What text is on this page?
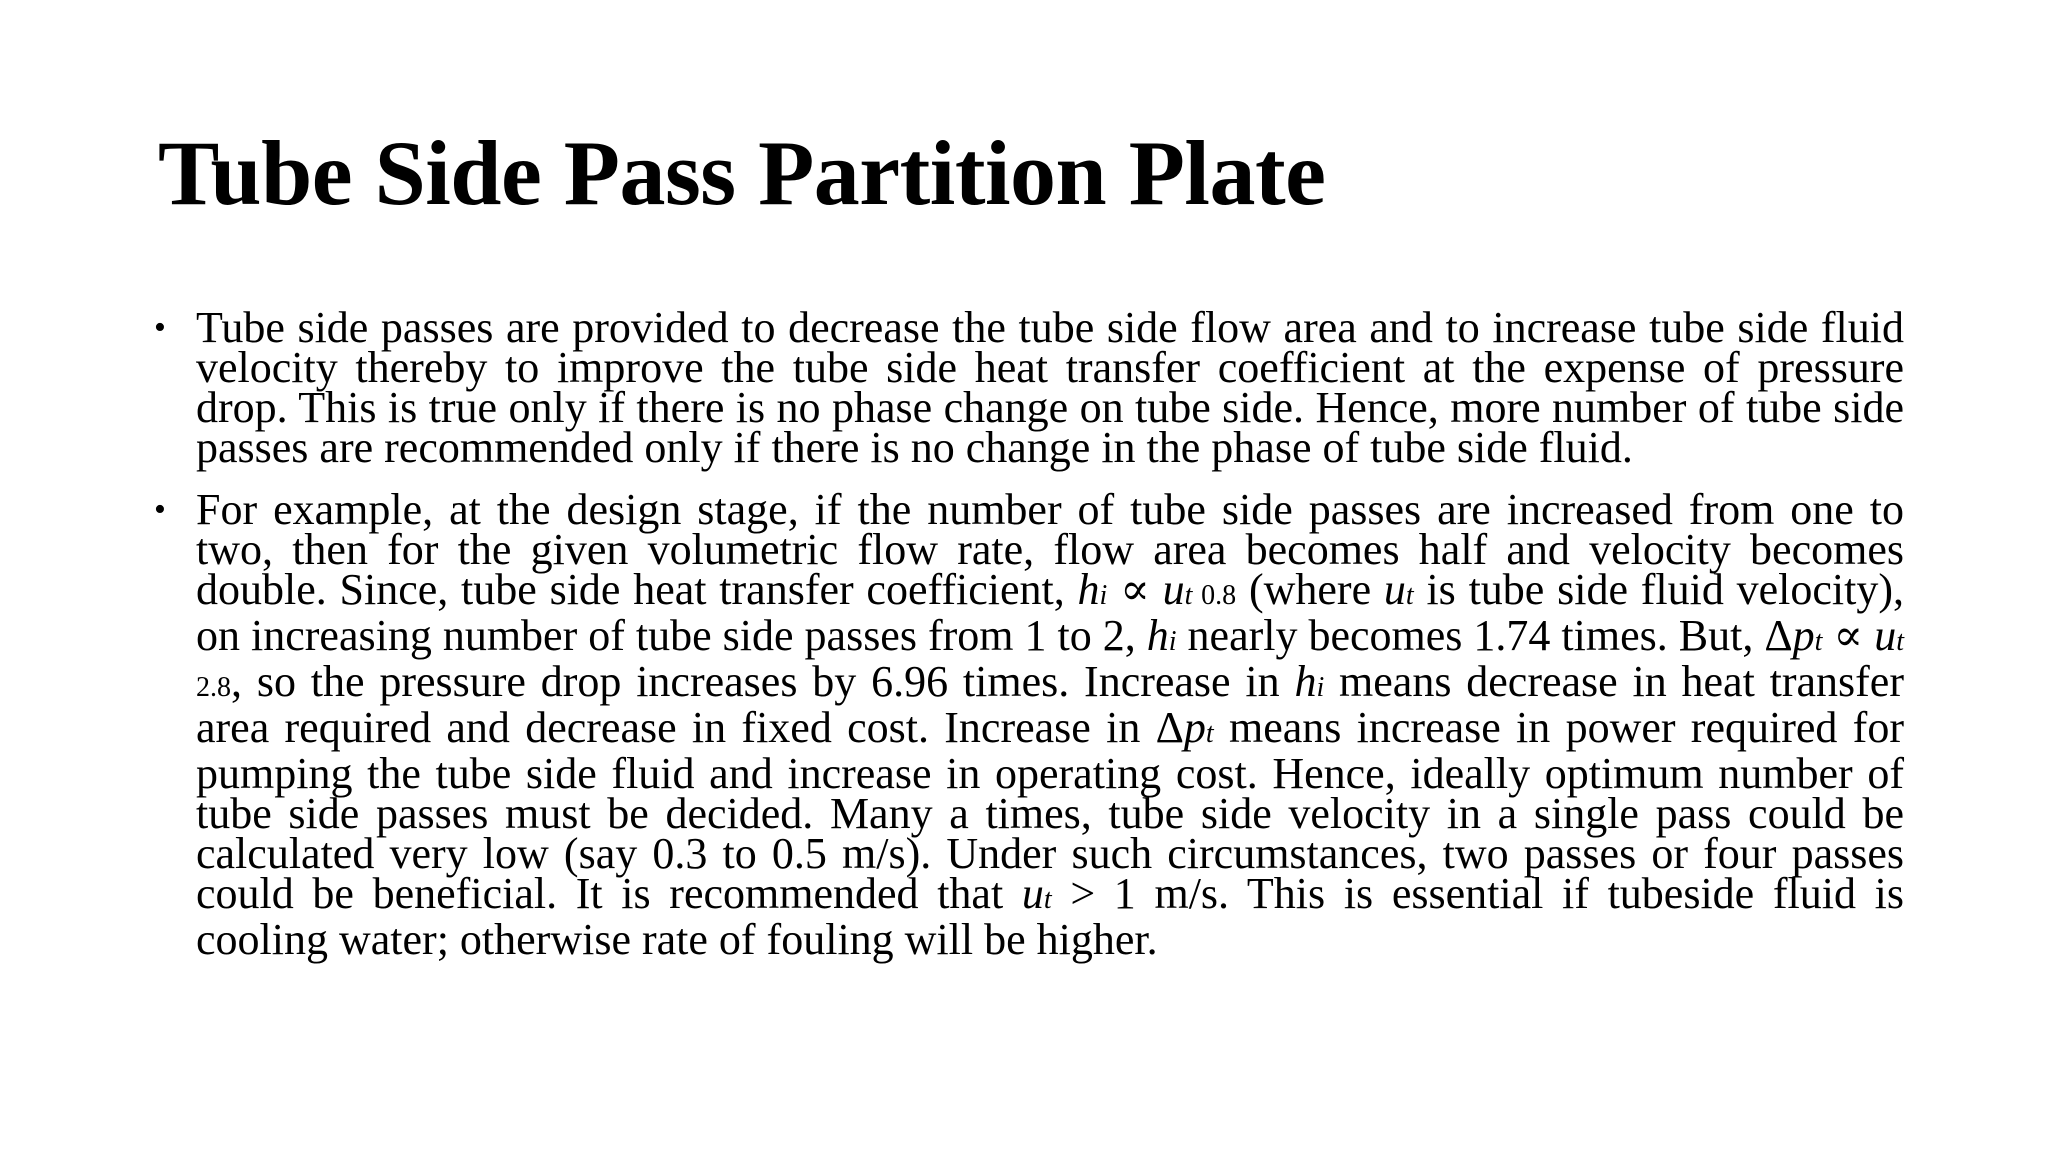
Tube Side Pass Partition Plate
• Tube side passes are provided to decrease the tube side flow area and to increase tube side fluid velocity thereby to improve the tube side heat transfer coefficient at the expense of pressure drop. This is true only if there is no phase change on tube side. Hence, more number of tube side passes are recommended only if there is no change in the phase of tube side fluid.
• For example, at the design stage, if the number of tube side passes are increased from one to two, then for the given volumetric flow rate, flow area becomes half and velocity becomes double. Since, tube side heat transfer coefficient, hi ∝ ut 0.8 (where ut is tube side fluid velocity), on increasing number of tube side passes from 1 to 2, hi nearly becomes 1.74 times. But, Δpt ∝ ut 2.8, so the pressure drop increases by 6.96 times. Increase in hi means decrease in heat transfer area required and decrease in fixed cost. Increase in Δpt means increase in power required for pumping the tube side fluid and increase in operating cost. Hence, ideally optimum number of tube side passes must be decided. Many a times, tube side velocity in a single pass could be calculated very low (say 0.3 to 0.5 m/s). Under such circumstances, two passes or four passes could be beneficial. It is recommended that ut > 1 m/s. This is essential if tubeside fluid is cooling water; otherwise rate of fouling will be higher.
